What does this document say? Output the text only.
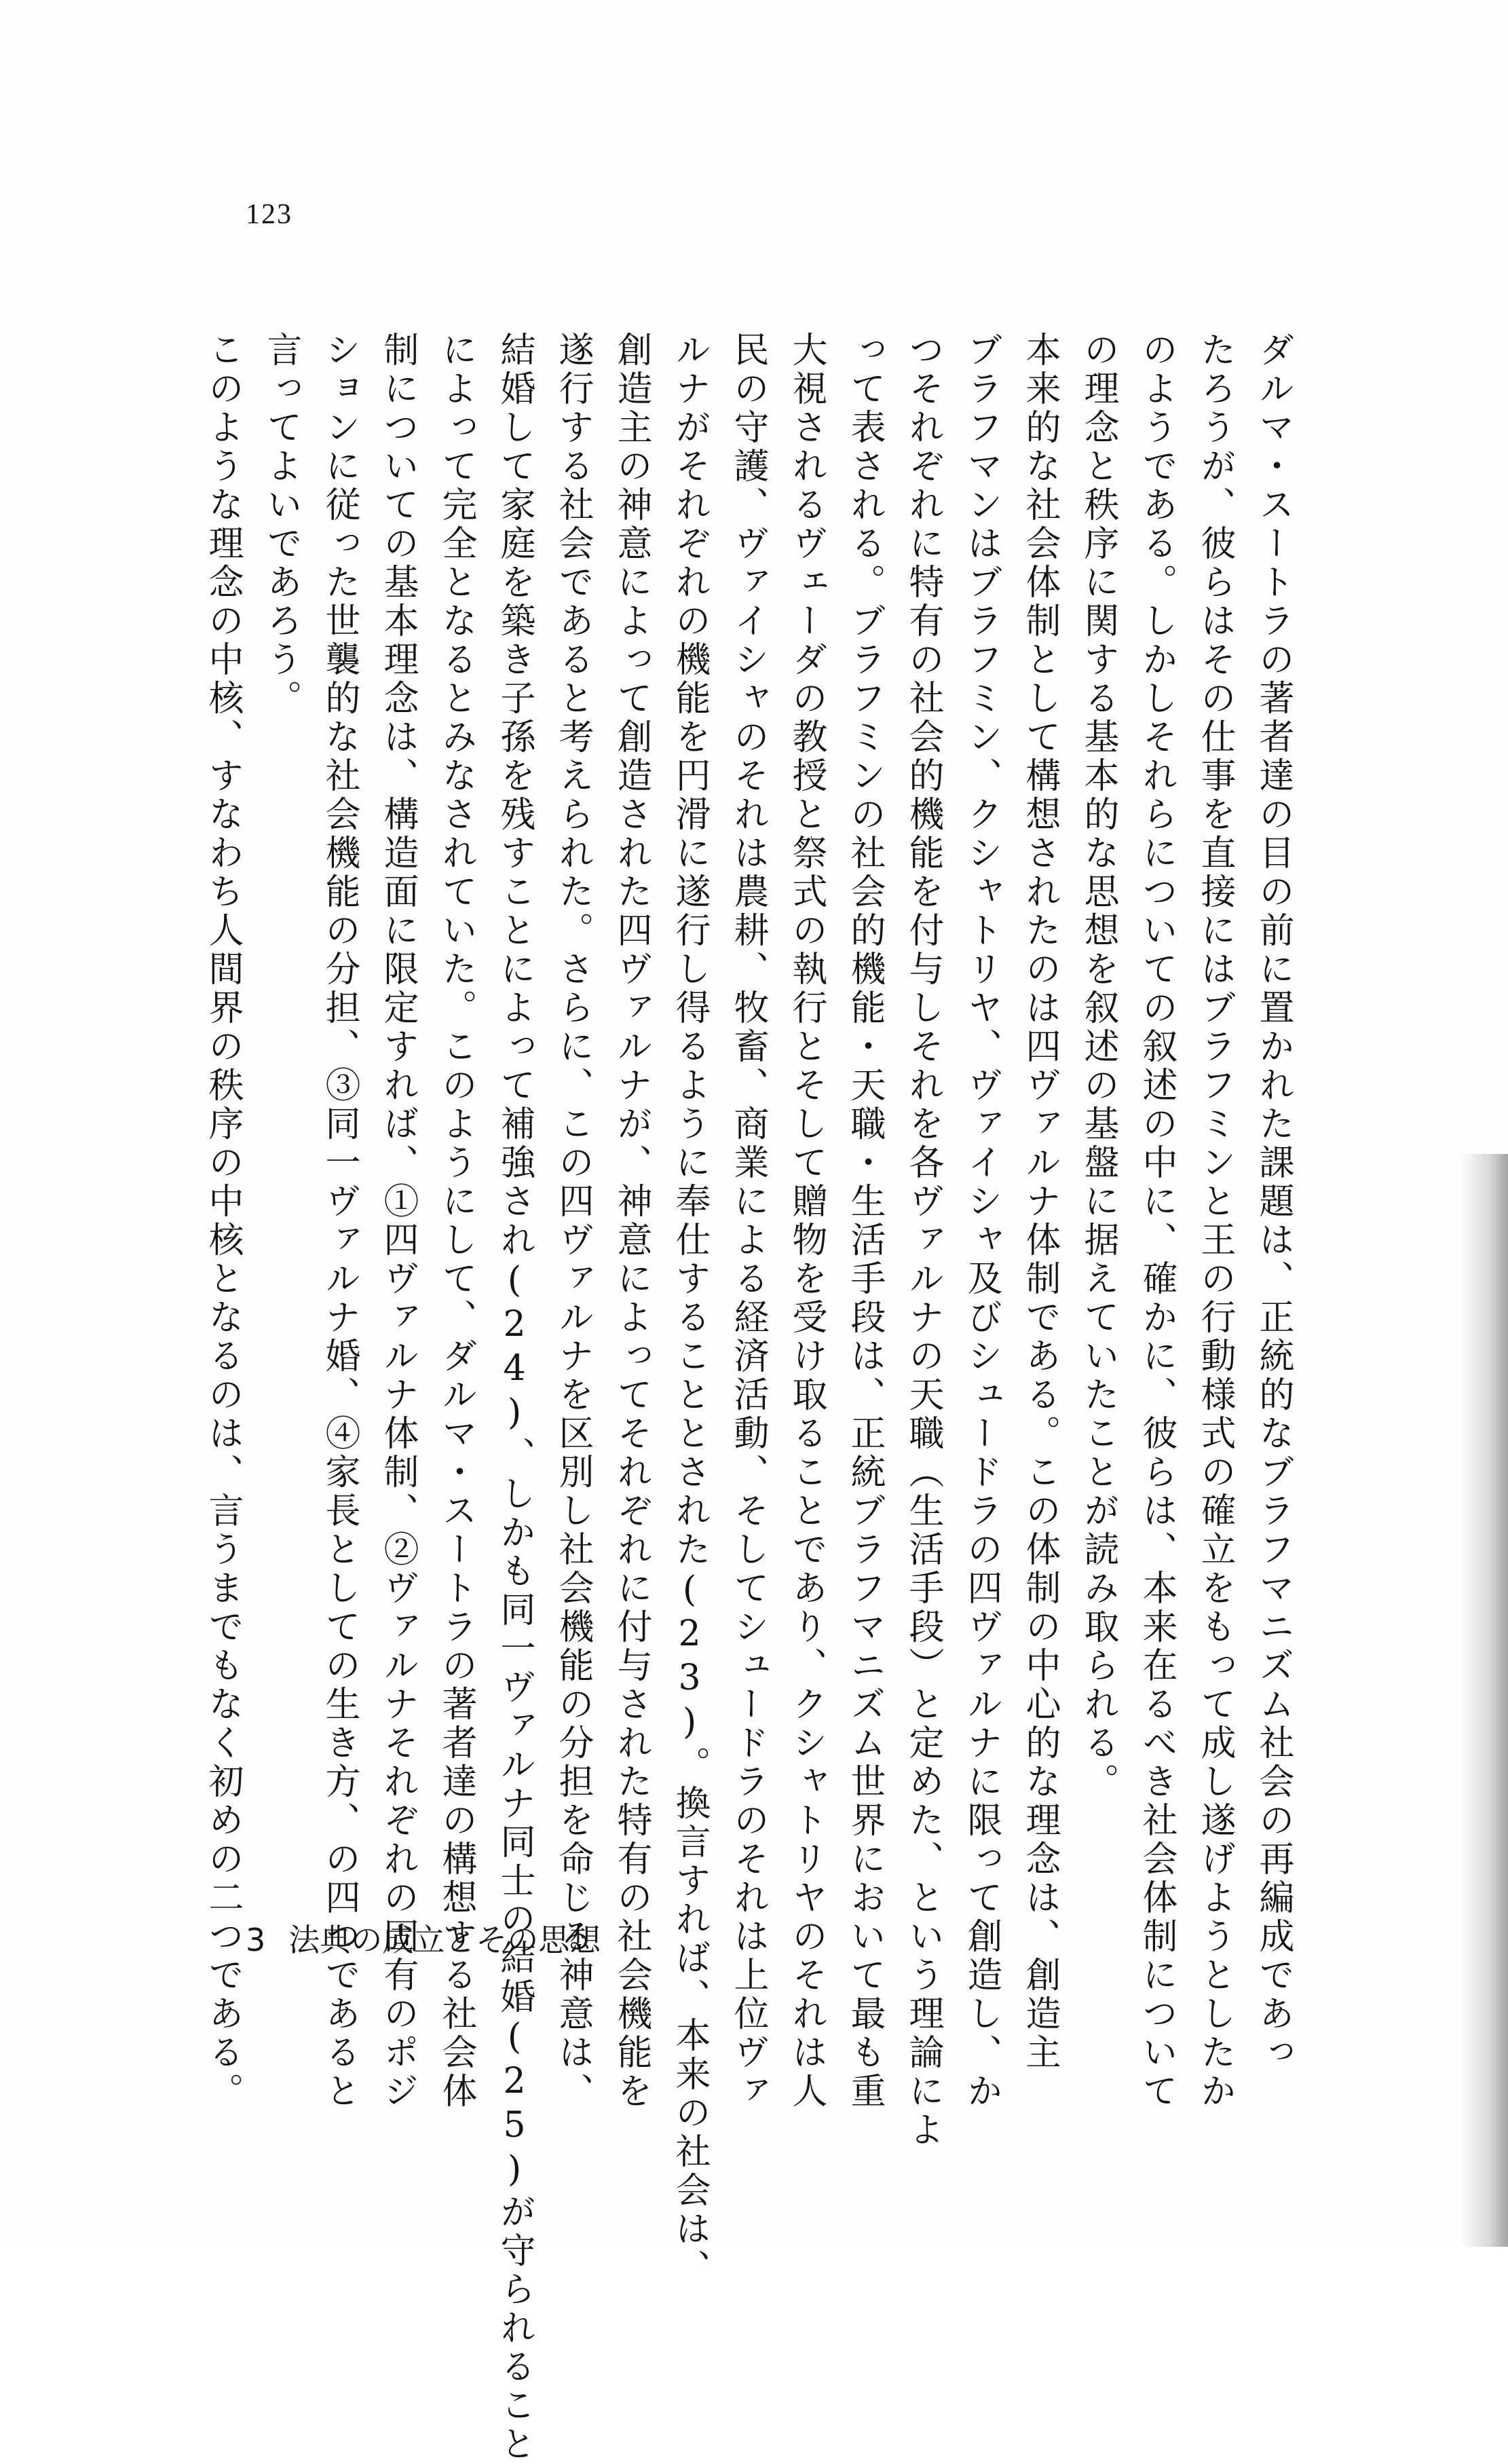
123
ダルマ・スートラの著者達の目の前に置かれた課題は、正統的なブラフマニズム社会の再編成であっ
たろうが、彼らはその仕事を直接にはブラフミンと王の行動様式の確立をもって成し遂げようとしたか
のようである。しかしそれらについての叙述の中に、確かに、彼らは、本来在るべき社会体制について
の理念と秩序に関する基本的な思想を叙述の基盤に据えていたことが読み取られる。
本来的な社会体制として構想されたのは四ヴァルナ体制である。この体制の中心的な理念は、創造主
ブラフマンはブラフミン、クシャトリヤ、ヴァイシャ及びシュードラの四ヴァルナに限って創造し、か
つそれぞれに特有の社会的機能を付与しそれを各ヴァルナの天職（生活手段）と定めた、という理論によ
って表される。ブラフミンの社会的機能・天職・生活手段は、正統ブラフマニズム世界において最も重
大視されるヴェーダの教授と祭式の執行とそして贈物を受け取ることであり、クシャトリヤのそれは人
民の守護、ヴァイシャのそれは農耕、牧畜、商業による経済活動、そしてシュードラのそれは上位ヴァ
ルナがそれぞれの機能を円滑に遂行し得るように奉仕することとされた(23)。換言すれば、本来の社会は、
創造主の神意によって創造された四ヴァルナが、神意によってそれぞれに付与された特有の社会機能を
遂行する社会であると考えられた。さらに、この四ヴァルナを区別し社会機能の分担を命じる神意は、
結婚して家庭を築き子孫を残すことによって補強され(24)、しかも同一ヴァルナ同士の結婚(25)が守られること
によって完全となるとみなされていた。このようにして、ダルマ・スートラの著者達の構想する社会体
制についての基本理念は、構造面に限定すれば、①四ヴァルナ体制、②ヴァルナそれぞれの固有のポジ
ションに従った世襲的な社会機能の分担、③同一ヴァルナ婚、④家長としての生き方、の四つであると
言ってよいであろう。
このような理念の中核、すなわち人間界の秩序の中核となるのは、言うまでもなく初めの二つである。 3 法典の成立とその思想
